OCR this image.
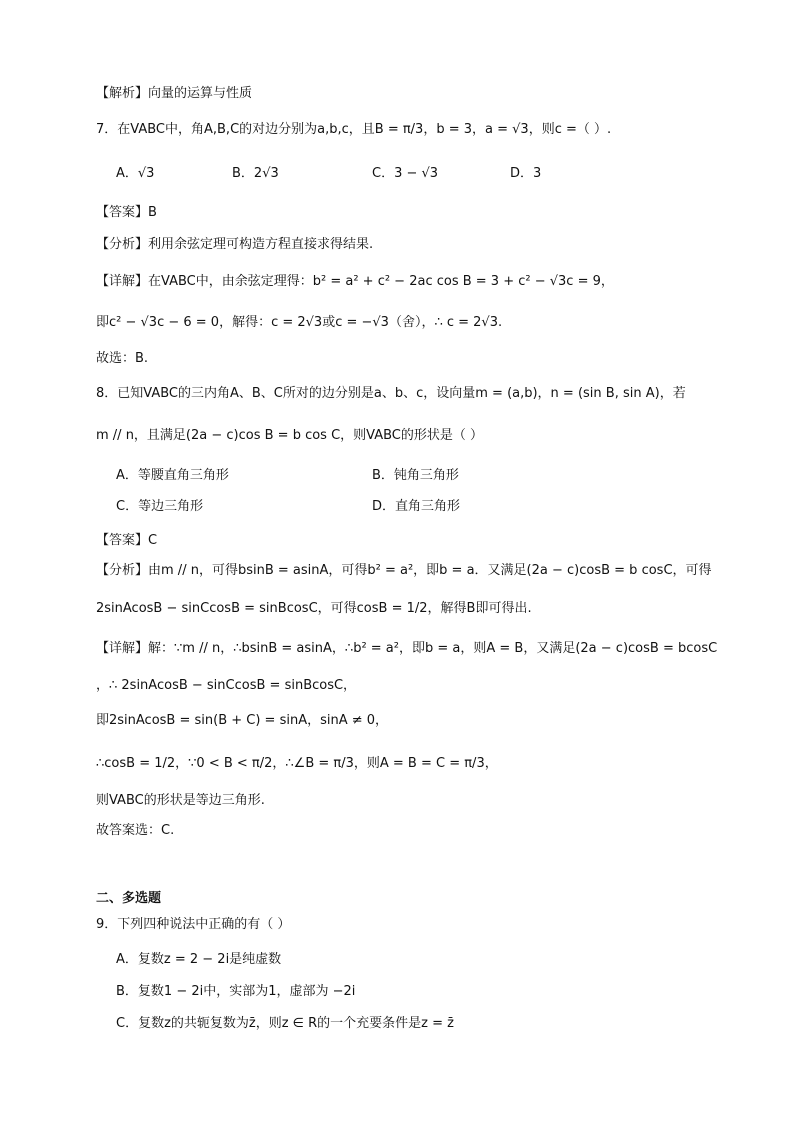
【解析】向量的运算与性质
7．在VABC中，角A,B,C的对边分别为a,b,c，且B = π/3，b = 3，a = √3，则c =（ ）.
A．√3	B．2√3	C．3 − √3	D．3
【答案】B
【分析】利用余弦定理可构造方程直接求得结果.
【详解】在VABC中，由余弦定理得：b² = a² + c² − 2ac cos B = 3 + c² − √3c = 9，
即c² − √3c − 6 = 0，解得：c = 2√3或c = −√3（舍），∴ c = 2√3.
故选：B.
8．已知VABC的三内角A、B、C所对的边分别是a、b、c，设向量m = (a,b)，n = (sin B, sin A)，若
m // n，且满足(2a − c)cos B = b cos C，则VABC的形状是（ ）
A．等腰直角三角形	B．钝角三角形
C．等边三角形	D．直角三角形
【答案】C
【分析】由m // n，可得bsinB = asinA，可得b² = a²，即b = a．又满足(2a − c)cosB = b cosC，可得
2sinAcosB − sinCcosB = sinBcosC，可得cosB = 1/2，解得B即可得出.
【详解】解：∵m // n，∴bsinB = asinA，∴b² = a²，即b = a，则A = B，又满足(2a − c)cosB = bcosC
，∴ 2sinAcosB − sinCcosB = sinBcosC，
即2sinAcosB = sin(B + C) = sinA，sinA ≠ 0，
∴cosB = 1/2，∵0 < B < π/2，∴∠B = π/3，则A = B = C = π/3，
则VABC的形状是等边三角形.
故答案选：C.
二、多选题
9．下列四种说法中正确的有（ ）
A．复数z = 2 − 2i是纯虚数
B．复数1 − 2i中，实部为1，虚部为 −2i
C．复数z的共轭复数为z̄，则z ∈ R的一个充要条件是z = z̄
